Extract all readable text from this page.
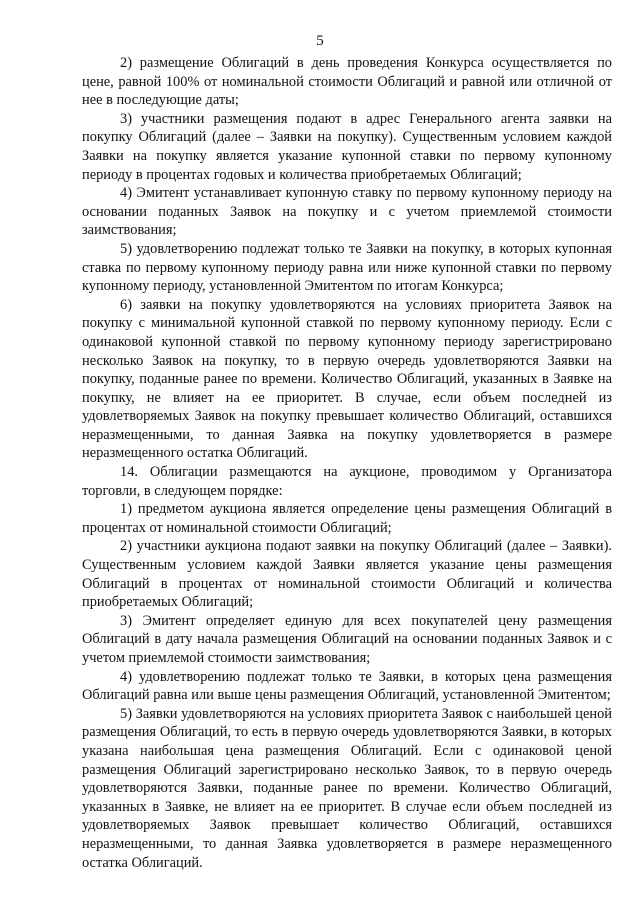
5

2) размещение Облигаций в день проведения Конкурса осуществляется по цене, равной 100% от номинальной стоимости Облигаций и равной или отличной от нее в последующие даты;

3) участники размещения подают в адрес Генерального агента заявки на покупку Облигаций (далее – Заявки на покупку). Существенным условием каждой Заявки на покупку является указание купонной ставки по первому купонному периоду в процентах годовых и количества приобретаемых Облигаций;

4) Эмитент устанавливает купонную ставку по первому купонному периоду на основании поданных Заявок на покупку и с учетом приемлемой стоимости заимствования;

5) удовлетворению подлежат только те Заявки на покупку, в которых купонная ставка по первому купонному периоду равна или ниже купонной ставки по первому купонному периоду, установленной Эмитентом по итогам Конкурса;

6) заявки на покупку удовлетворяются на условиях приоритета Заявок на покупку с минимальной купонной ставкой по первому купонному периоду. Если с одинаковой купонной ставкой по первому купонному периоду зарегистрировано несколько Заявок на покупку, то в первую очередь удовлетворяются Заявки на покупку, поданные ранее по времени. Количество Облигаций, указанных в Заявке на покупку, не влияет на ее приоритет. В случае, если объем последней из удовлетворяемых Заявок на покупку превышает количество Облигаций, оставшихся неразмещенными, то данная Заявка на покупку удовлетворяется в размере неразмещенного остатка Облигаций.

14. Облигации размещаются на аукционе, проводимом у Организатора торговли, в следующем порядке:

1) предметом аукциона является определение цены размещения Облигаций в процентах от номинальной стоимости Облигаций;

2) участники аукциона подают заявки на покупку Облигаций (далее – Заявки). Существенным условием каждой Заявки является указание цены размещения Облигаций в процентах от номинальной стоимости Облигаций и количества приобретаемых Облигаций;

3) Эмитент определяет единую для всех покупателей цену размещения Облигаций в дату начала размещения Облигаций на основании поданных Заявок и с учетом приемлемой стоимости заимствования;

4) удовлетворению подлежат только те Заявки, в которых цена размещения Облигаций равна или выше цены размещения Облигаций, установленной Эмитентом;

5) Заявки удовлетворяются на условиях приоритета Заявок с наибольшей ценой размещения Облигаций, то есть в первую очередь удовлетворяются Заявки, в которых указана наибольшая цена размещения Облигаций. Если с одинаковой ценой размещения Облигаций зарегистрировано несколько Заявок, то в первую очередь удовлетворяются Заявки, поданные ранее по времени. Количество Облигаций, указанных в Заявке, не влияет на ее приоритет. В случае если объем последней из удовлетворяемых Заявок превышает количество Облигаций, оставшихся неразмещенными, то данная Заявка удовлетворяется в размере неразмещенного остатка Облигаций.
